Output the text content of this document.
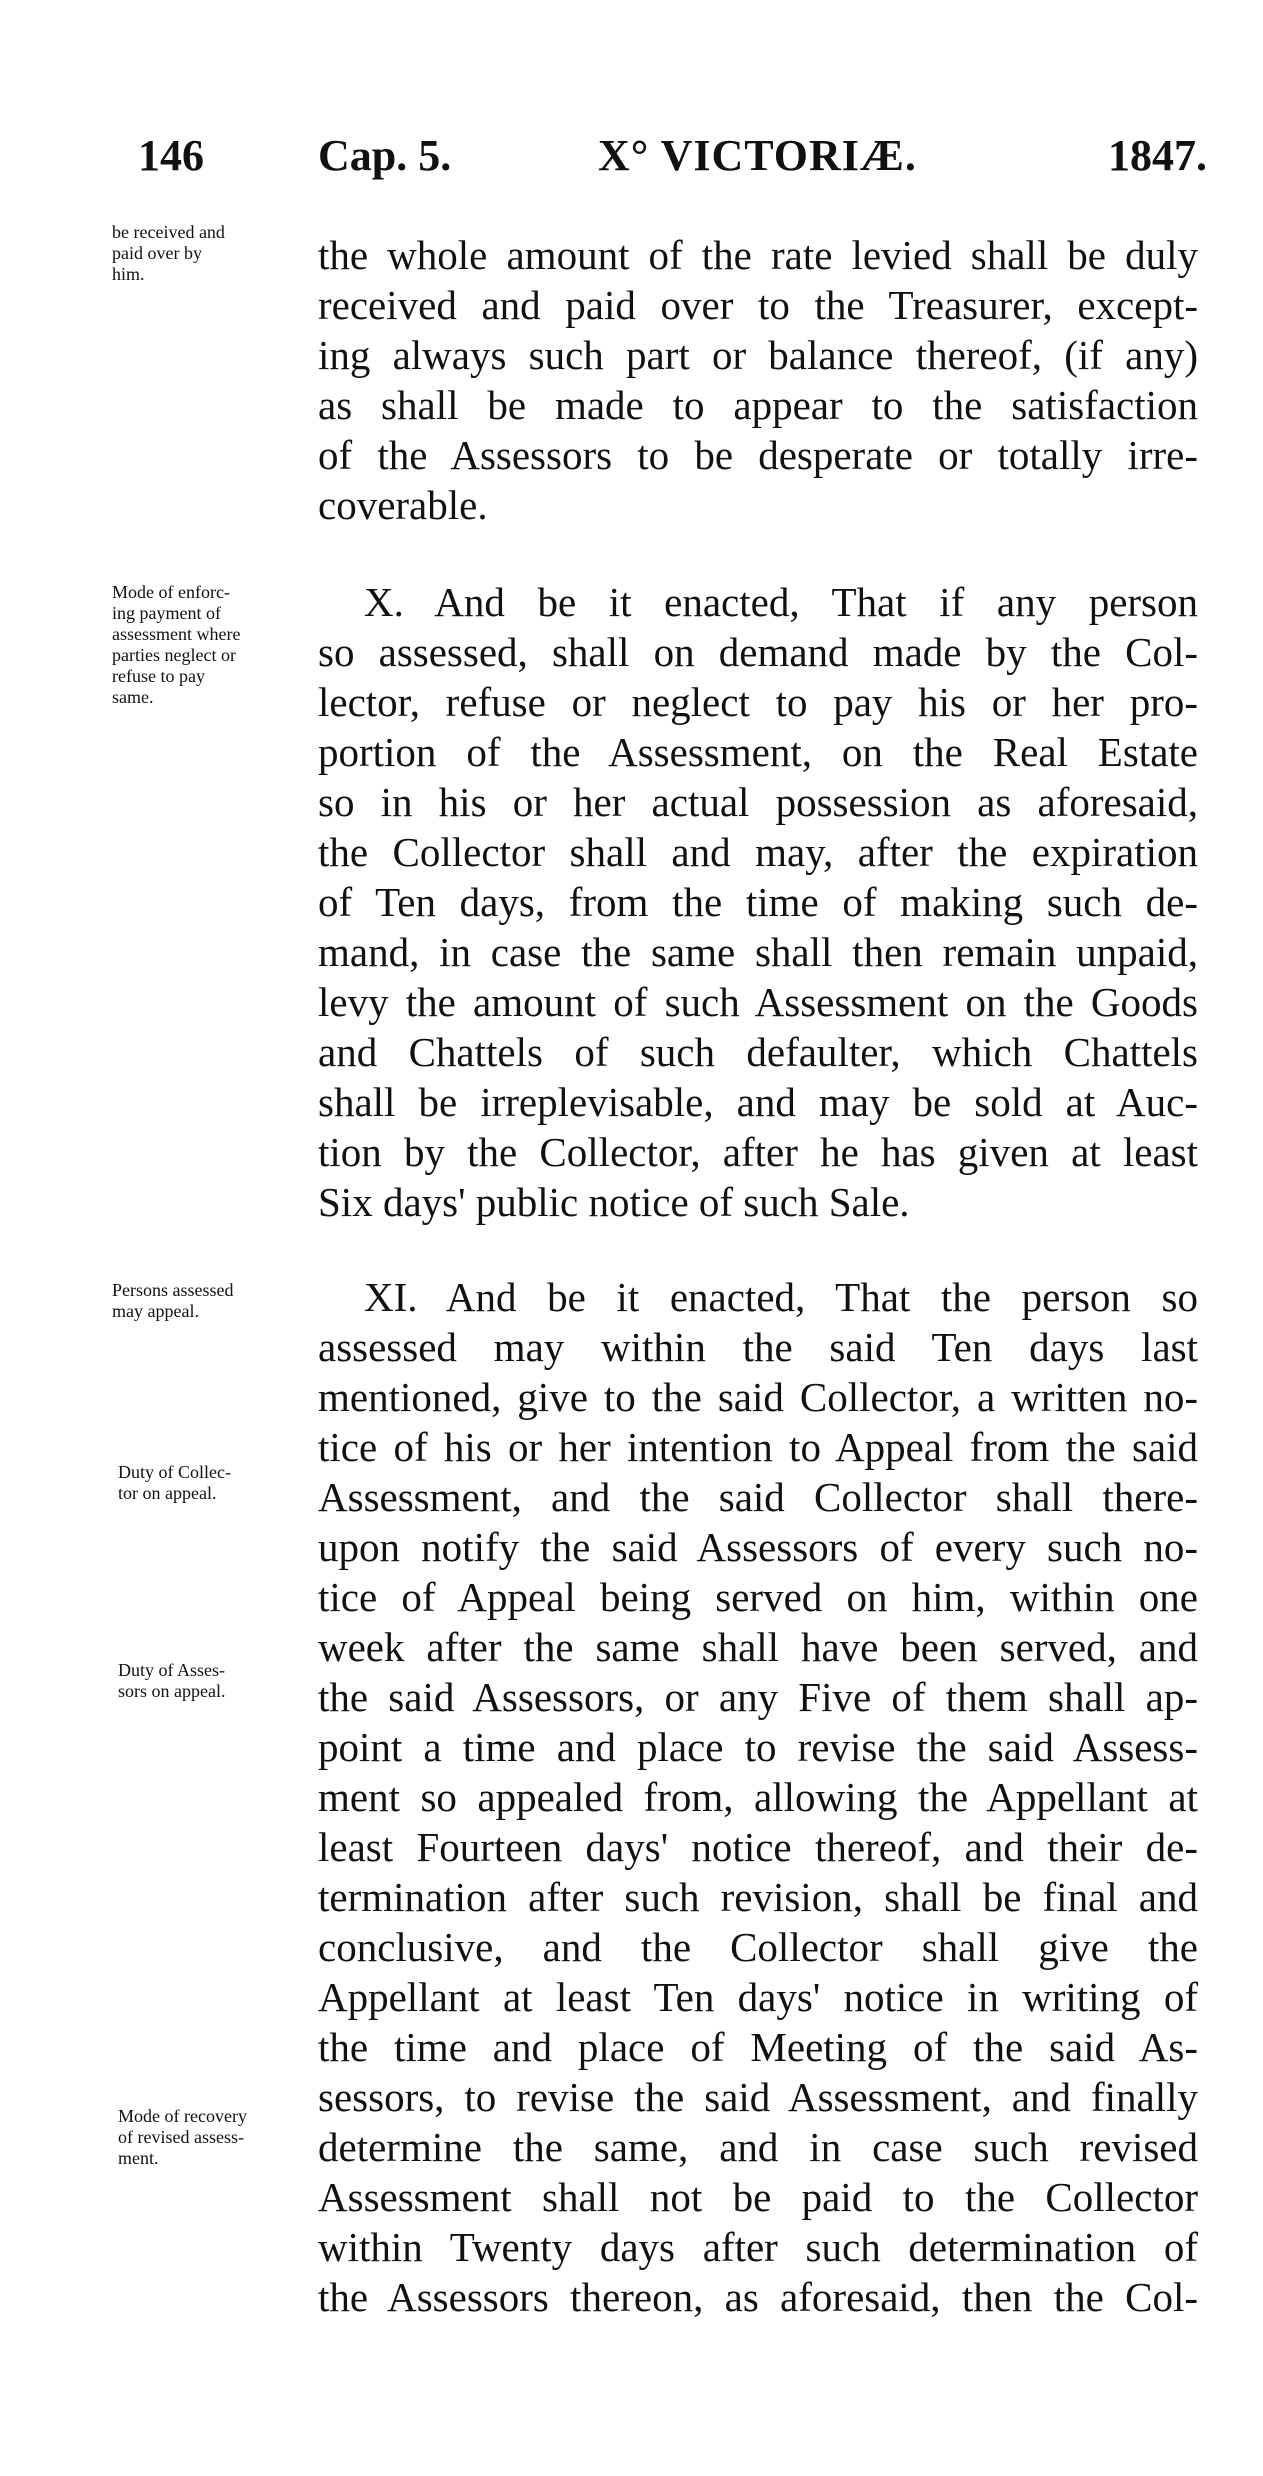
146	Cap. 5.	X° VICTORIÆ.	1847.
be received and
paid over by
him.	the whole amount of the rate levied shall be duly
received and paid over to the Treasurer, except-
ing always such part or balance thereof, (if any)
as shall be made to appear to the satisfaction
of the Assessors to be desperate or totally irre-
coverable.
Mode of enforc-
ing payment of
assessment where
parties neglect or
refuse to pay
same.
X. And be it enacted, That if any person
so assessed, shall on demand made by the Col-
lector, refuse or neglect to pay his or her pro-
portion of the Assessment, on the Real Estate
so in his or her actual possession as aforesaid,
the Collector shall and may, after the expiration
of Ten days, from the time of making such de-
mand, in case the same shall then remain unpaid,
levy the amount of such Assessment on the Goods
and Chattels of such defaulter, which Chattels
shall be irreplevisable, and may be sold at Auc-
tion by the Collector, after he has given at least
Six days' public notice of such Sale.
Persons assessed
may appeal.
Duty of Collec-
tor on appeal.
Duty of Asses-
sors on appeal.
Mode of recovery
of revised assess-
ment.
XI. And be it enacted, That the person so
assessed may within the said Ten days last
mentioned, give to the said Collector, a written no-
tice of his or her intention to Appeal from the said
Assessment, and the said Collector shall there-
upon notify the said Assessors of every such no-
tice of Appeal being served on him, within one
week after the same shall have been served, and
the said Assessors, or any Five of them shall ap-
point a time and place to revise the said Assess-
ment so appealed from, allowing the Appellant at
least Fourteen days' notice thereof, and their de-
termination after such revision, shall be final and
conclusive, and the Collector shall give the
Appellant at least Ten days' notice in writing of
the time and place of Meeting of the said As-
sessors, to revise the said Assessment, and finally
determine the same, and in case such revised
Assessment shall not be paid to the Collector
within Twenty days after such determination of
the Assessors thereon, as aforesaid, then the Col-
